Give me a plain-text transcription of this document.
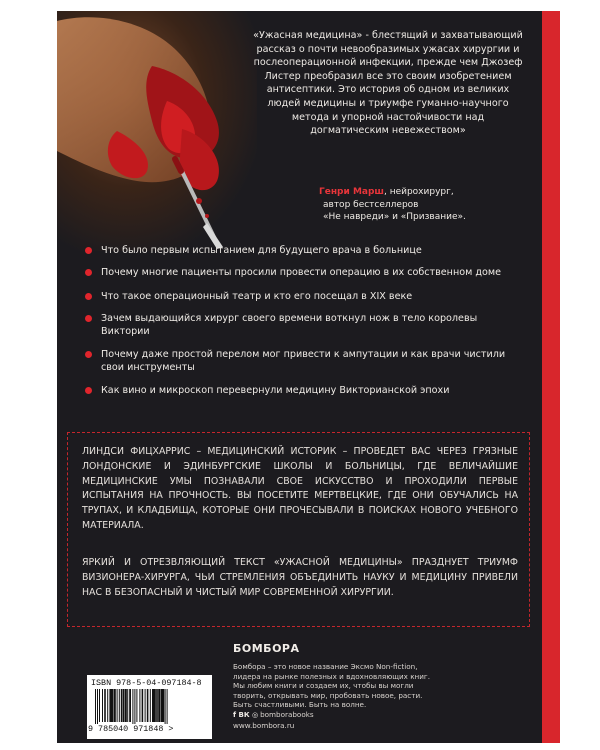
«Ужасная медицина» - блестящий и захватывающий рассказ о почти невообразимых ужасах хирургии и послеоперационной инфекции, прежде чем Джозеф Листер преобразил все это своим изобретением антисептики. Это история об одном из великих людей медицины и триумфе гуманно-научного метода и упорной настойчивости над догматическим невежеством»

Генри Марш, нейрохирург,
автор бестселлеров
«Не навреди» и «Призвание».
Что было первым испытанием для будущего врача в больнице
Почему многие пациенты просили провести операцию в их собственном доме
Что такое операционный театр и кто его посещал в XIX веке
Зачем выдающийся хирург своего времени воткнул нож в тело королевы Виктории
Почему даже простой перелом мог привести к ампутации и как врачи чистили свои инструменты
Как вино и микроскоп перевернули медицину Викторианской эпохи

ЛИНДСИ ФИЦХАРРИС – МЕДИЦИНСКИЙ ИСТОРИК – ПРОВЕДЕТ ВАС ЧЕРЕЗ ГРЯЗНЫЕ ЛОНДОНСКИЕ И ЭДИНБУРГСКИЕ ШКОЛЫ И БОЛЬНИЦЫ, ГДЕ ВЕЛИЧАЙШИЕ МЕДИЦИНСКИЕ УМЫ ПОЗНАВАЛИ СВОЕ ИСКУССТВО И ПРОХОДИЛИ ПЕРВЫЕ ИСПЫТАНИЯ НА ПРОЧНОСТЬ. ВЫ ПОСЕТИТЕ МЕРТВЕЦКИЕ, ГДЕ ОНИ ОБУЧАЛИСЬ НА ТРУПАХ, И КЛАДБИЩА, КОТОРЫЕ ОНИ ПРОЧЕСЫВАЛИ В ПОИСКАХ НОВОГО УЧЕБНОГО МАТЕРИАЛА.

ЯРКИЙ И ОТРЕЗВЛЯЮЩИЙ ТЕКСТ «УЖАСНОЙ МЕДИЦИНЫ» ПРАЗДНУЕТ ТРИУМФ ВИЗИОНЕРА-ХИРУРГА, ЧЬИ СТРЕМЛЕНИЯ ОБЪЕДИНИТЬ НАУКУ И МЕДИЦИНУ ПРИВЕЛИ НАС В БЕЗОПАСНЫЙ И ЧИСТЫЙ МИР СОВРЕМЕННОЙ ХИРУРГИИ.

ISBN 978-5-04-097184-8
9 785040 971848 >
БОМБОРА

Бомбора – это новое название Эксмо Non-fiction, лидера на рынке полезных и вдохновляющих книг. Мы любим книги и создаем их, чтобы вы могли творить, открывать мир, пробовать новое, расти. Быть счастливыми. Быть на волне.

f ВК ◎ bomborabooks
www.bombora.ru
